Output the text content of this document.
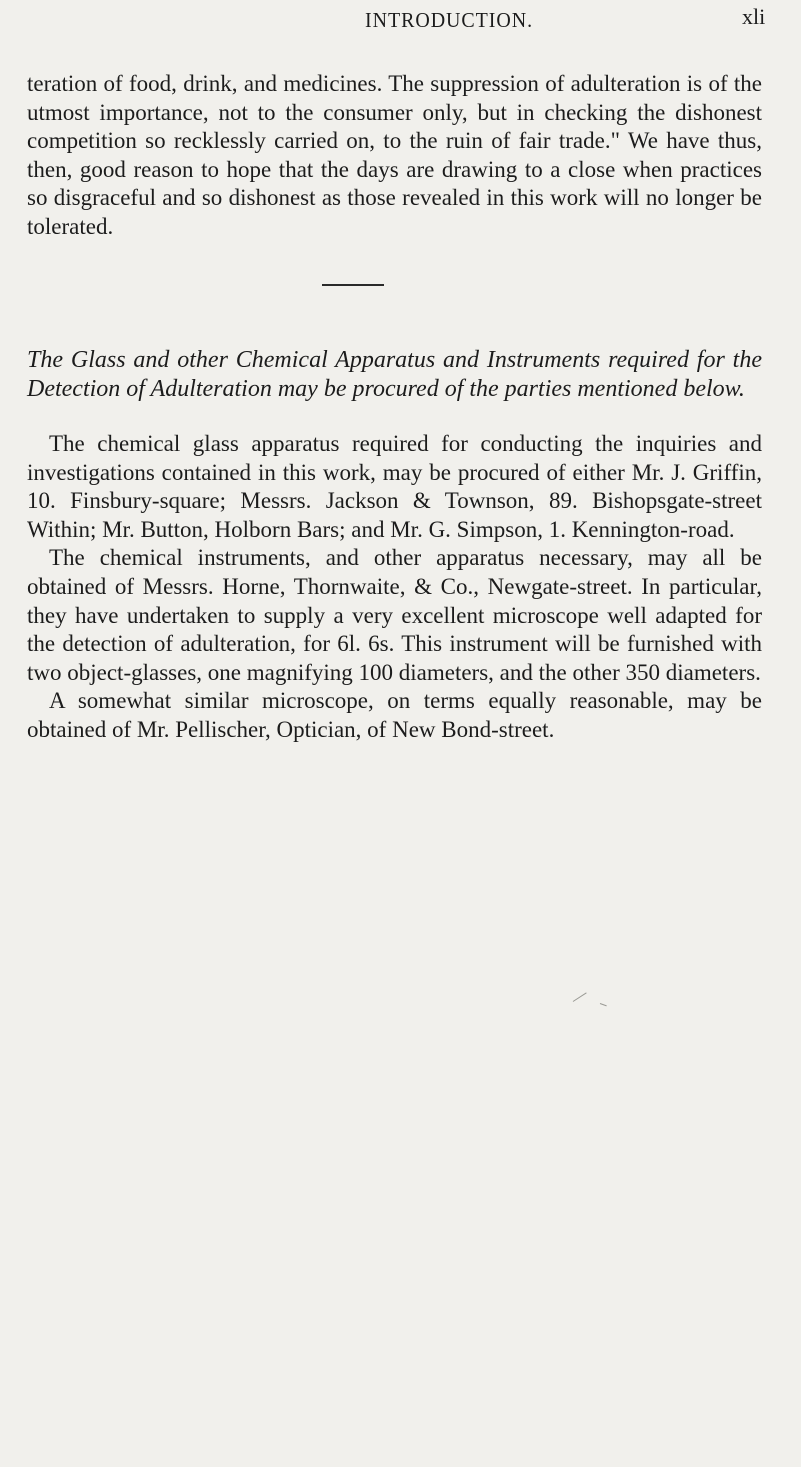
INTRODUCTION.	xli

teration of food, drink, and medicines. The suppression of adulteration is of the utmost importance, not to the consumer only, but in checking the dishonest competition so recklessly carried on, to the ruin of fair trade." We have thus, then, good reason to hope that the days are drawing to a close when practices so disgraceful and so dishonest as those revealed in this work will no longer be tolerated.

The Glass and other Chemical Apparatus and Instruments required for the Detection of Adulteration may be procured of the parties mentioned below.

The chemical glass apparatus required for conducting the inquiries and investigations contained in this work, may be procured of either Mr. J. Griffin, 10. Finsbury-square; Messrs. Jackson & Townson, 89. Bishopsgate-street Within; Mr. Button, Holborn Bars; and Mr. G. Simpson, 1. Kennington-road.

The chemical instruments, and other apparatus necessary, may all be obtained of Messrs. Horne, Thornwaite, & Co., Newgate-street. In particular, they have undertaken to supply a very excellent microscope well adapted for the detection of adulteration, for 6l. 6s. This instrument will be furnished with two object-glasses, one magnifying 100 diameters, and the other 350 diameters.

A somewhat similar microscope, on terms equally reasonable, may be obtained of Mr. Pellischer, Optician, of New Bond-street.
